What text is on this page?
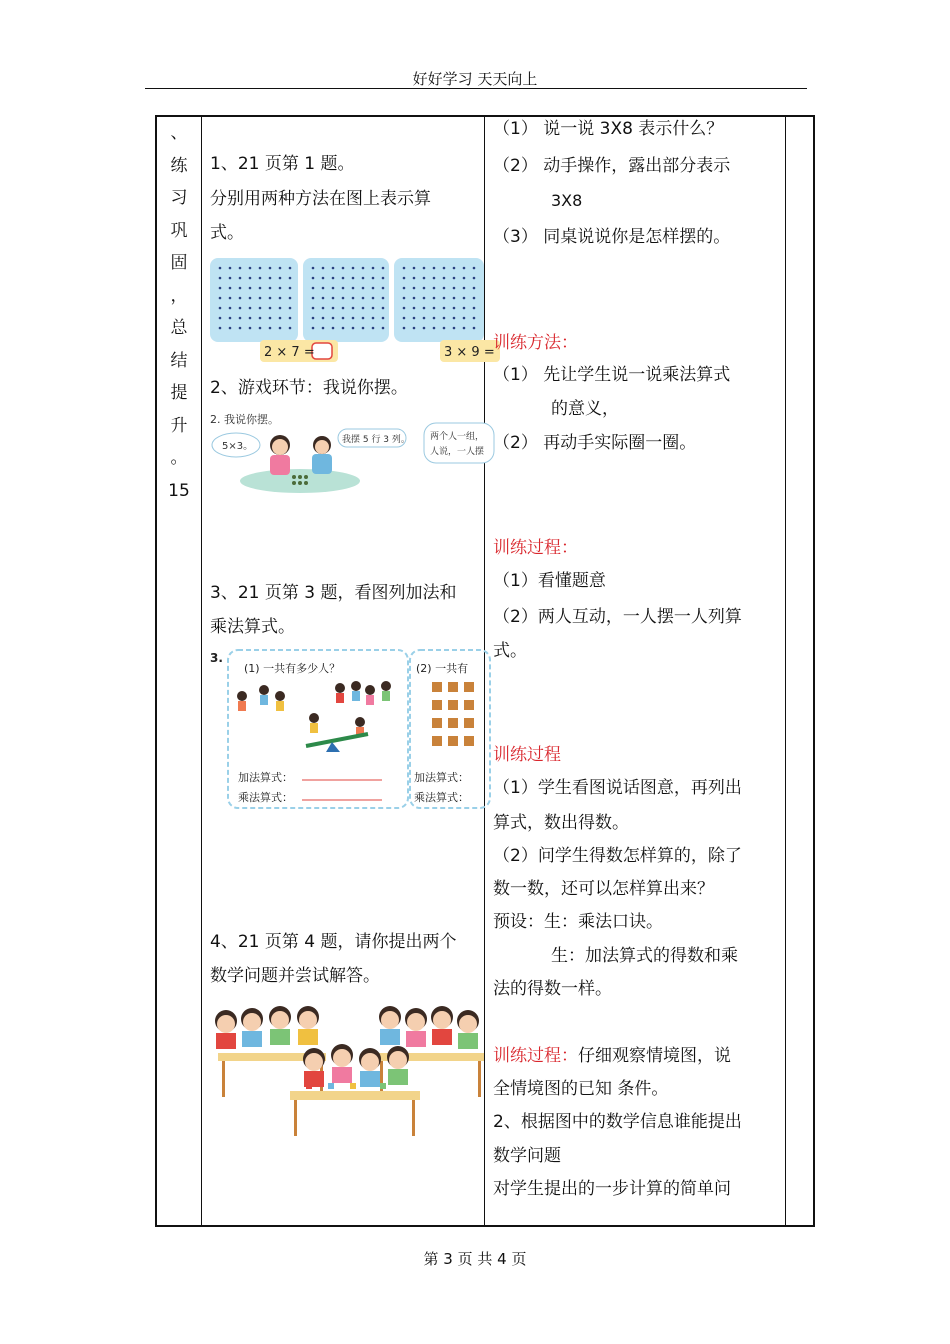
好好学习 天天向上
、
练
习
巩
固
，
总
结
提
升
。
15
1、21 页第 1 题。
分别用两种方法在图上表示算
式。
2 × 7 =	3 × 9 =
2、游戏环节：我说你摆。
2. 我说你摆。
5×3。
我摆 5 行 3 列。 两个人一组，
人说，一人摆
3、21 页第 3 题，看图列加法和
乘法算式。
3.
(1) 一共有多少人？	(2) 一共有
加法算式：
乘法算式：
加法算式：
乘法算式：
4、21 页第 4 题，请你提出两个
数学问题并尝试解答。
（1） 说一说 3X8 表示什么？
（2） 动手操作，露出部分表示
3X8
（3） 同桌说说你是怎样摆的。
训练方法：
（1） 先让学生说一说乘法算式
的意义，
（2） 再动手实际圈一圈。
训练过程：
（1）看懂题意
（2）两人互动，一人摆一人列算
式。
训练过程
（1）学生看图说话图意，再列出
算式，数出得数。
（2）问学生得数怎样算的，除了
数一数，还可以怎样算出来？
预设：生：乘法口诀。
生：加法算式的得数和乘
法的得数一样。
训练过程：仔细观察情境图，说
全情境图的已知 条件。
2、根据图中的数学信息谁能提出
数学问题
对学生提出的一步计算的简单问
第 3 页 共 4 页
